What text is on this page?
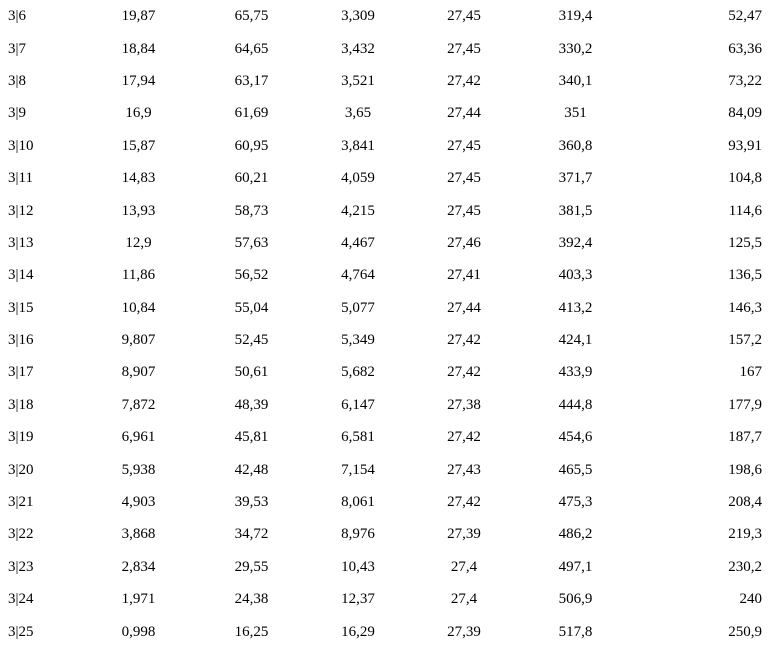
3|6	19,87	65,75	3,309	27,45	319,4	52,47
3|7	18,84	64,65	3,432	27,45	330,2	63,36
3|8	17,94	63,17	3,521	27,42	340,1	73,22
3|9	16,9	61,69	3,65	27,44	351	84,09
3|10	15,87	60,95	3,841	27,45	360,8	93,91
3|11	14,83	60,21	4,059	27,45	371,7	104,8
3|12	13,93	58,73	4,215	27,45	381,5	114,6
3|13	12,9	57,63	4,467	27,46	392,4	125,5
3|14	11,86	56,52	4,764	27,41	403,3	136,5
3|15	10,84	55,04	5,077	27,44	413,2	146,3
3|16	9,807	52,45	5,349	27,42	424,1	157,2
3|17	8,907	50,61	5,682	27,42	433,9	167
3|18	7,872	48,39	6,147	27,38	444,8	177,9
3|19	6,961	45,81	6,581	27,42	454,6	187,7
3|20	5,938	42,48	7,154	27,43	465,5	198,6
3|21	4,903	39,53	8,061	27,42	475,3	208,4
3|22	3,868	34,72	8,976	27,39	486,2	219,3
3|23	2,834	29,55	10,43	27,4	497,1	230,2
3|24	1,971	24,38	12,37	27,4	506,9	240
3|25	0,998	16,25	16,29	27,39	517,8	250,9
